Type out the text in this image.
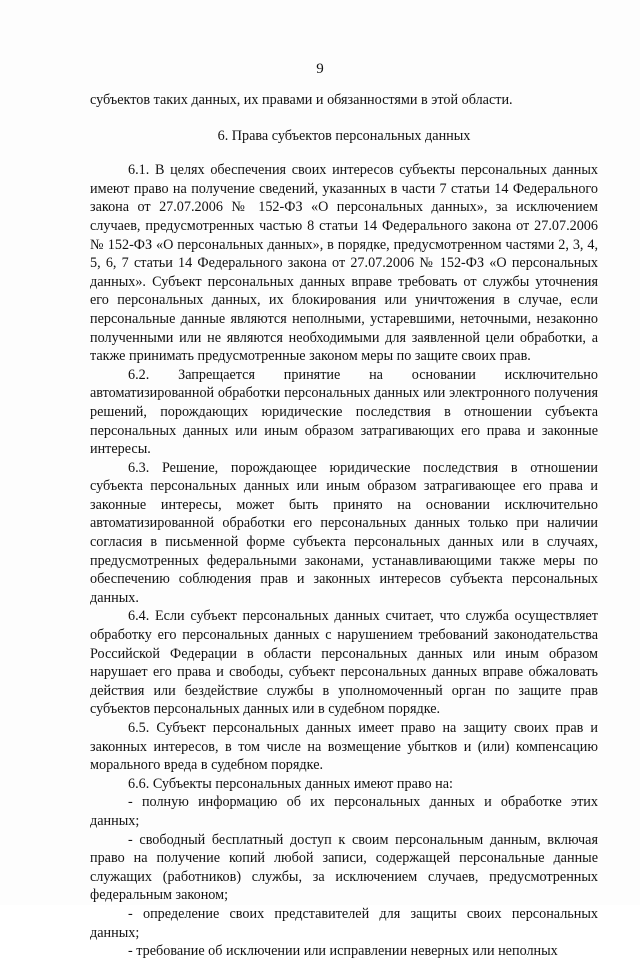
9

субъектов таких данных, их правами и обязанностями в этой области.

6. Права субъектов персональных данных

6.1. В целях обеспечения своих интересов субъекты персональных данных имеют право на получение сведений, указанных в части 7 статьи 14 Федерального закона от 27.07.2006 № 152-ФЗ «О персональных данных», за исключением случаев, предусмотренных частью 8 статьи 14 Федерального закона от 27.07.2006 № 152-ФЗ «О персональных данных», в порядке, предусмотренном частями 2, 3, 4, 5, 6, 7 статьи 14 Федерального закона от 27.07.2006 № 152-ФЗ «О персональных данных». Субъект персональных данных вправе требовать от службы уточнения его персональных данных, их блокирования или уничтожения в случае, если персональные данные являются неполными, устаревшими, неточными, незаконно полученными или не являются необходимыми для заявленной цели обработки, а также принимать предусмотренные законом меры по защите своих прав.

6.2. Запрещается принятие на основании исключительно автоматизированной обработки персональных данных или электронного получения решений, порождающих юридические последствия в отношении субъекта персональных данных или иным образом затрагивающих его права и законные интересы.

6.3. Решение, порождающее юридические последствия в отношении субъекта персональных данных или иным образом затрагивающее его права и законные интересы, может быть принято на основании исключительно автоматизированной обработки его персональных данных только при наличии согласия в письменной форме субъекта персональных данных или в случаях, предусмотренных федеральными законами, устанавливающими также меры по обеспечению соблюдения прав и законных интересов субъекта персональных данных.

6.4. Если субъект персональных данных считает, что служба осуществляет обработку его персональных данных с нарушением требований законодательства Российской Федерации в области персональных данных или иным образом нарушает его права и свободы, субъект персональных данных вправе обжаловать действия или бездействие службы в уполномоченный орган по защите прав субъектов персональных данных или в судебном порядке.

6.5. Субъект персональных данных имеет право на защиту своих прав и законных интересов, в том числе на возмещение убытков и (или) компенсацию морального вреда в судебном порядке.

6.6. Субъекты персональных данных имеют право на:

- полную информацию об их персональных данных и обработке этих данных;

- свободный бесплатный доступ к своим персональным данным, включая право на получение копий любой записи, содержащей персональные данные служащих (работников) службы, за исключением случаев, предусмотренных федеральным законом;

- определение своих представителей для защиты своих персональных данных;

- требование об исключении или исправлении неверных или неполных
